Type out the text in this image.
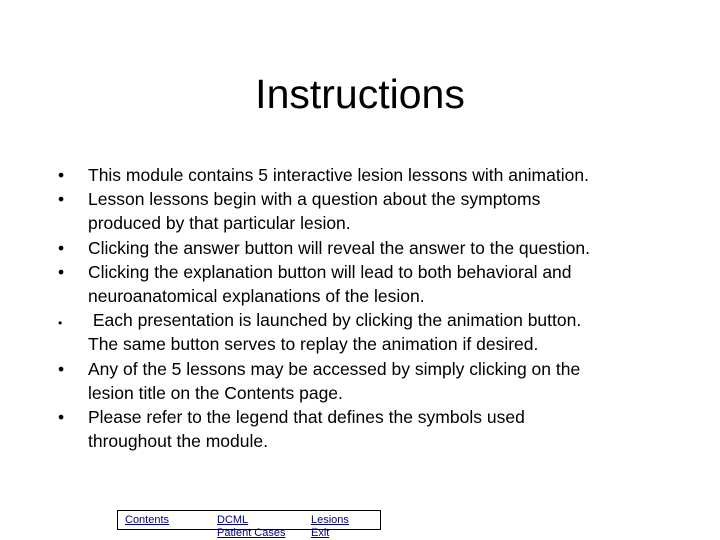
Instructions
•	This module contains 5 interactive lesion lessons with animation.
•	Lesson lessons begin with a question about the symptoms
produced by that particular lesion.
•	Clicking the answer button will reveal the answer to the question.
•	Clicking the explanation button will lead to both behavioral and
neuroanatomical explanations of the lesion.
•	Each presentation is launched by clicking the animation button.
The same button serves to replay the animation if desired.
•	Any of the 5 lessons may be accessed by simply clicking on the
lesion title on the Contents page.
•	Please refer to the legend that defines the symbols used
throughout the module.
Contents	DCML
Patient Cases
Lesions
Exit
